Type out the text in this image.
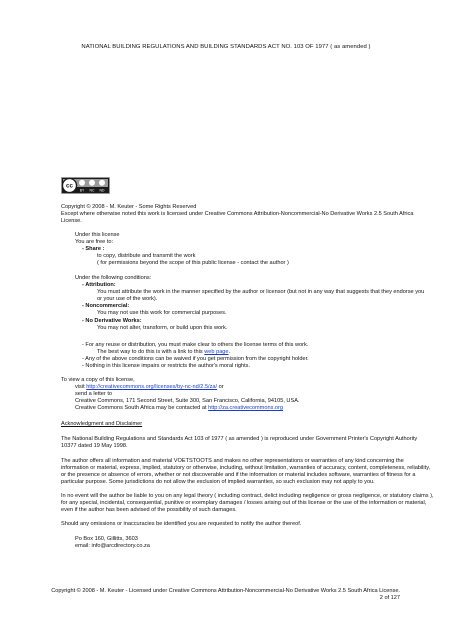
NATIONAL BUILDING REGULATIONS AND BUILDING STANDARDS ACT NO. 103 OF 1977 ( as amended )
cc
BY NC ND
Copyright © 2008 - M. Keuter - Some Rights Reserved
Except where otherwise noted this work is licensed under Creative Commons Attribution-Noncommercial-No Derivative Works 2.5 South Africa
License.
Under this license
You are free to:
- Share :
to copy, distribute and transmit the work
( for permissions beyond the scope of this public license - contact the author )
Under the following conditions:
- Attribution:
You must attribute the work in the manner specified by the author or licensor (but not in any way that suggests that they endorse you
or your use of the work).
- Noncommercial:
You may not use this work for commercial purposes.
- No Derivative Works:
You may not alter, transform, or build upon this work.
- For any reuse or distribution, you must make clear to others the license terms of this work.
The best way to do this is with a link to this web page.
- Any of the above conditions can be waived if you get permission from the copyright holder.
- Nothing in this license impairs or restricts the author's moral rights.
To view a copy of this license,
visit http://creativecommons.org/licenses/by-nc-nd/2.5/za/ or
send a letter to
Creative Commons, 171 Second Street, Suite 300, San Francisco, California, 94105, USA.
Creative Commons South Africa may be contacted at http://za.creativecommons.org
Acknowledgment and Disclaimer
The National Building Regulations and Standards Act 103 of 1977 ( as amended ) is reproduced under Government Printer's Copyright Authority
10377 dated 19 May 1998.
The author offers all information and material VOETSTOOTS and makes no other representations or warranties of any kind concerning the
information or material, express, implied, statutory or otherwise, including, without limitation, warranties of accuracy, content, completeness, reliability,
or the presence or absence of errors, whether or not discoverable and if the information or material includes software, warranties of fitness for a
particular purpose. Some jurisdictions do not allow the exclusion of implied warranties, so such exclusion may not apply to you.
In no event will the author be liable to you on any legal theory ( including contract, delict including negligence or gross negligence, or statutory claims ),
for any special, incidental, consequential, punitive or exemplary damages / losses arising out of this license or the use of the information or material,
even if the author has been advised of the possibility of such damages.
Should any omissions or inaccuracies be identified you are requested to notify the author thereof.
Po Box 160, Gillitts, 3603
email: info@arcdirectory.co.za
Copyright © 2008 - M. Keuter - Licensed under Creative Commons Attribution-Noncommercial-No Derivative Works 2.5 South Africa License.
2 of 127
